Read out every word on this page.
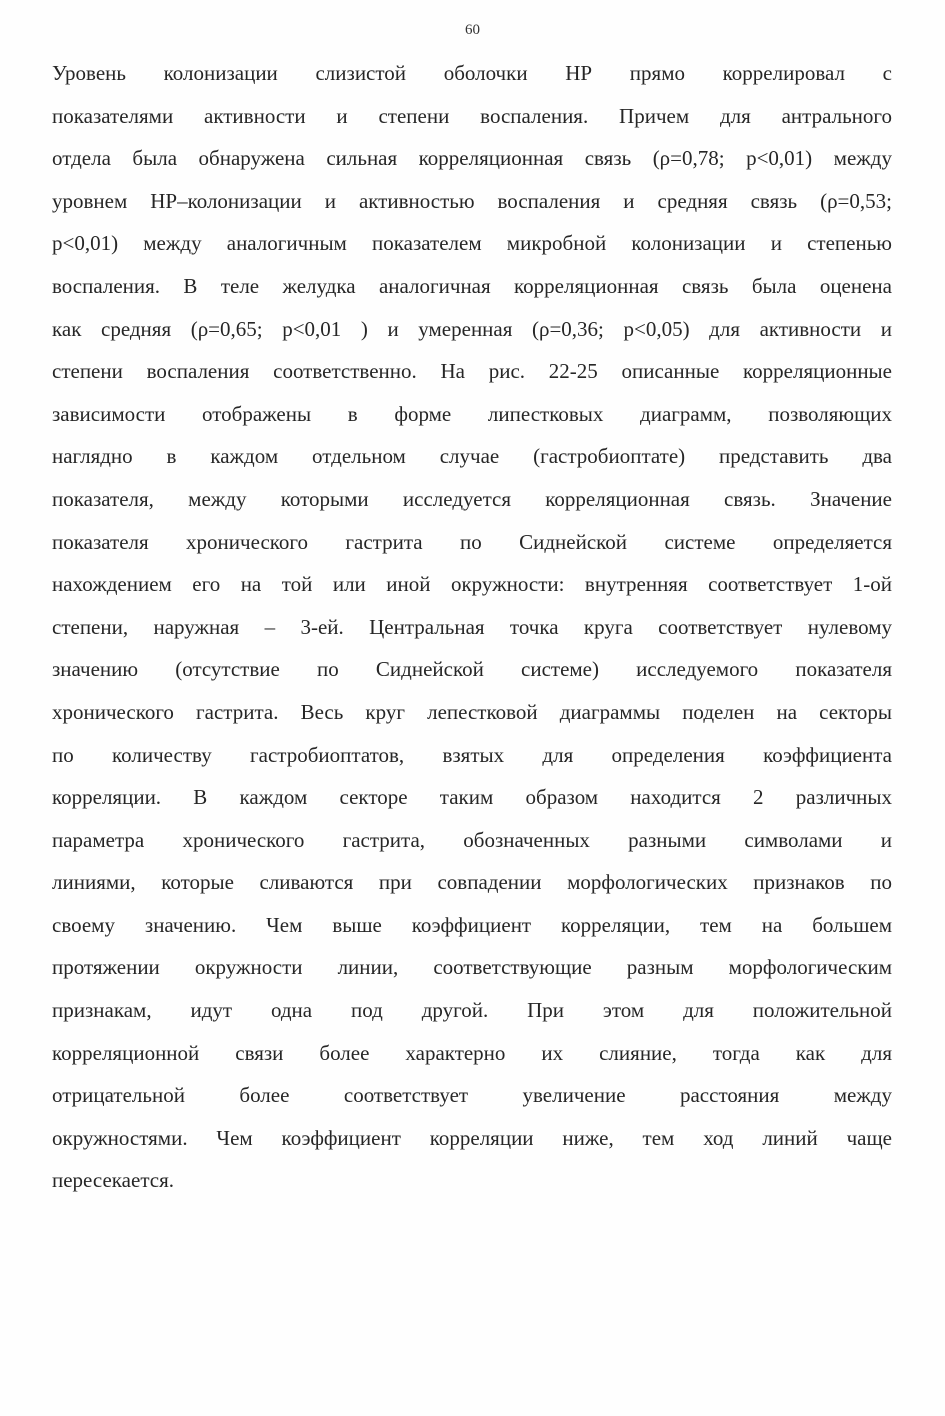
60
Уровень колонизации слизистой оболочки НР прямо коррелировал с
показателями активности и степени воспаления. Причем для антрального
отдела была обнаружена сильная корреляционная связь (ρ=0,78; p<0,01) между
уровнем НР–колонизации и активностью воспаления и средняя связь (ρ=0,53;
p<0,01) между аналогичным показателем микробной колонизации и степенью
воспаления. В теле желудка аналогичная корреляционная связь была оценена
как средняя (ρ=0,65; p<0,01 ) и умеренная (ρ=0,36; p<0,05) для активности и
степени воспаления соответственно. На рис. 22-25 описанные корреляционные
зависимости отображены в форме липестковых диаграмм, позволяющих
наглядно в каждом отдельном случае (гастробиоптате) представить два
показателя, между которыми исследуется корреляционная связь. Значение
показателя хронического гастрита по Сиднейской системе определяется
нахождением его на той или иной окружности: внутренняя соответствует 1-ой
степени, наружная – 3-ей. Центральная точка круга соответствует нулевому
значению (отсутствие по Сиднейской системе) исследуемого показателя
хронического гастрита. Весь круг лепестковой диаграммы поделен на секторы
по количеству гастробиоптатов, взятых для определения коэффициента
корреляции. В каждом секторе таким образом находится 2 различных
параметра хронического гастрита, обозначенных разными символами и
линиями, которые сливаются при совпадении морфологических признаков по
своему значению. Чем выше коэффициент корреляции, тем на большем
протяжении окружности линии, соответствующие разным морфологическим
признакам, идут одна под другой. При этом для положительной
корреляционной связи более характерно их слияние, тогда как для
отрицательной более соответствует увеличение расстояния между
окружностями. Чем коэффициент корреляции ниже, тем ход линий чаще
пересекается.
